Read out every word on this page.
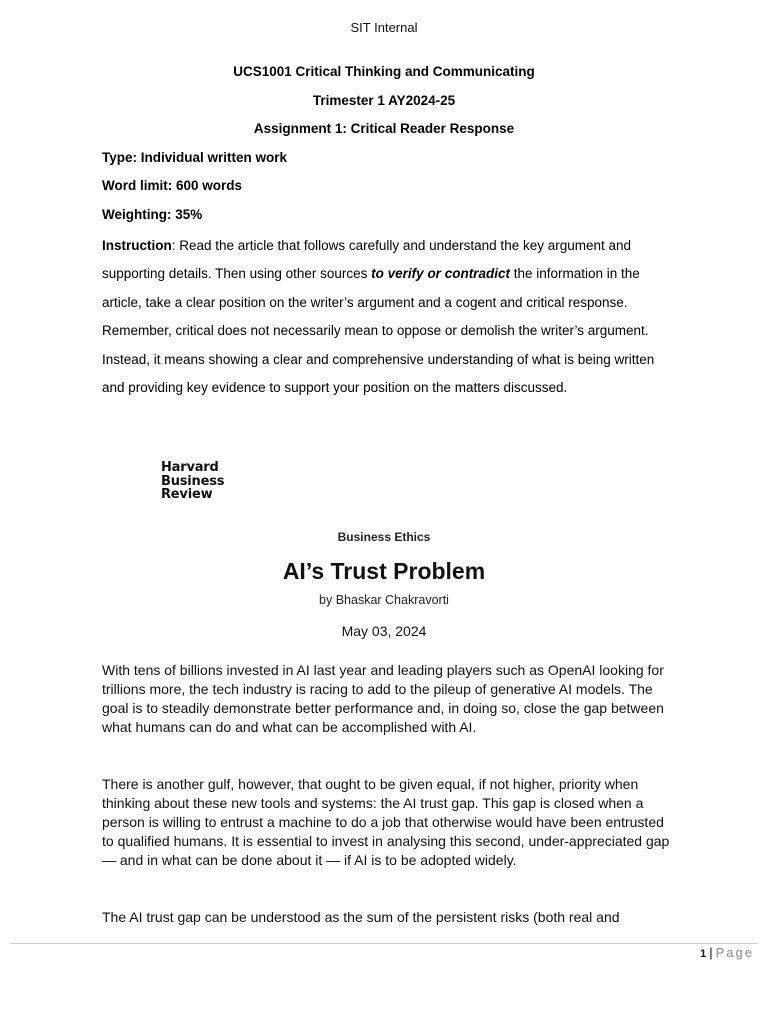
SIT Internal
UCS1001 Critical Thinking and Communicating
Trimester 1 AY2024-25
Assignment 1: Critical Reader Response
Type: Individual written work
Word limit: 600 words
Weighting: 35%
Instruction: Read the article that follows carefully and understand the key argument and supporting details. Then using other sources to verify or contradict the information in the article, take a clear position on the writer’s argument and a cogent and critical response. Remember, critical does not necessarily mean to oppose or demolish the writer’s argument. Instead, it means showing a clear and comprehensive understanding of what is being written and providing key evidence to support your position on the matters discussed.
Harvard
Business
Review
Business Ethics
AI’s Trust Problem
by Bhaskar Chakravorti
May 03, 2024
With tens of billions invested in AI last year and leading players such as OpenAI looking for trillions more, the tech industry is racing to add to the pileup of generative AI models. The goal is to steadily demonstrate better performance and, in doing so, close the gap between what humans can do and what can be accomplished with AI.
There is another gulf, however, that ought to be given equal, if not higher, priority when thinking about these new tools and systems: the AI trust gap. This gap is closed when a person is willing to entrust a machine to do a job that otherwise would have been entrusted to qualified humans. It is essential to invest in analysing this second, under-appreciated gap — and in what can be done about it — if AI is to be adopted widely.
The AI trust gap can be understood as the sum of the persistent risks (both real and
1 | Page
